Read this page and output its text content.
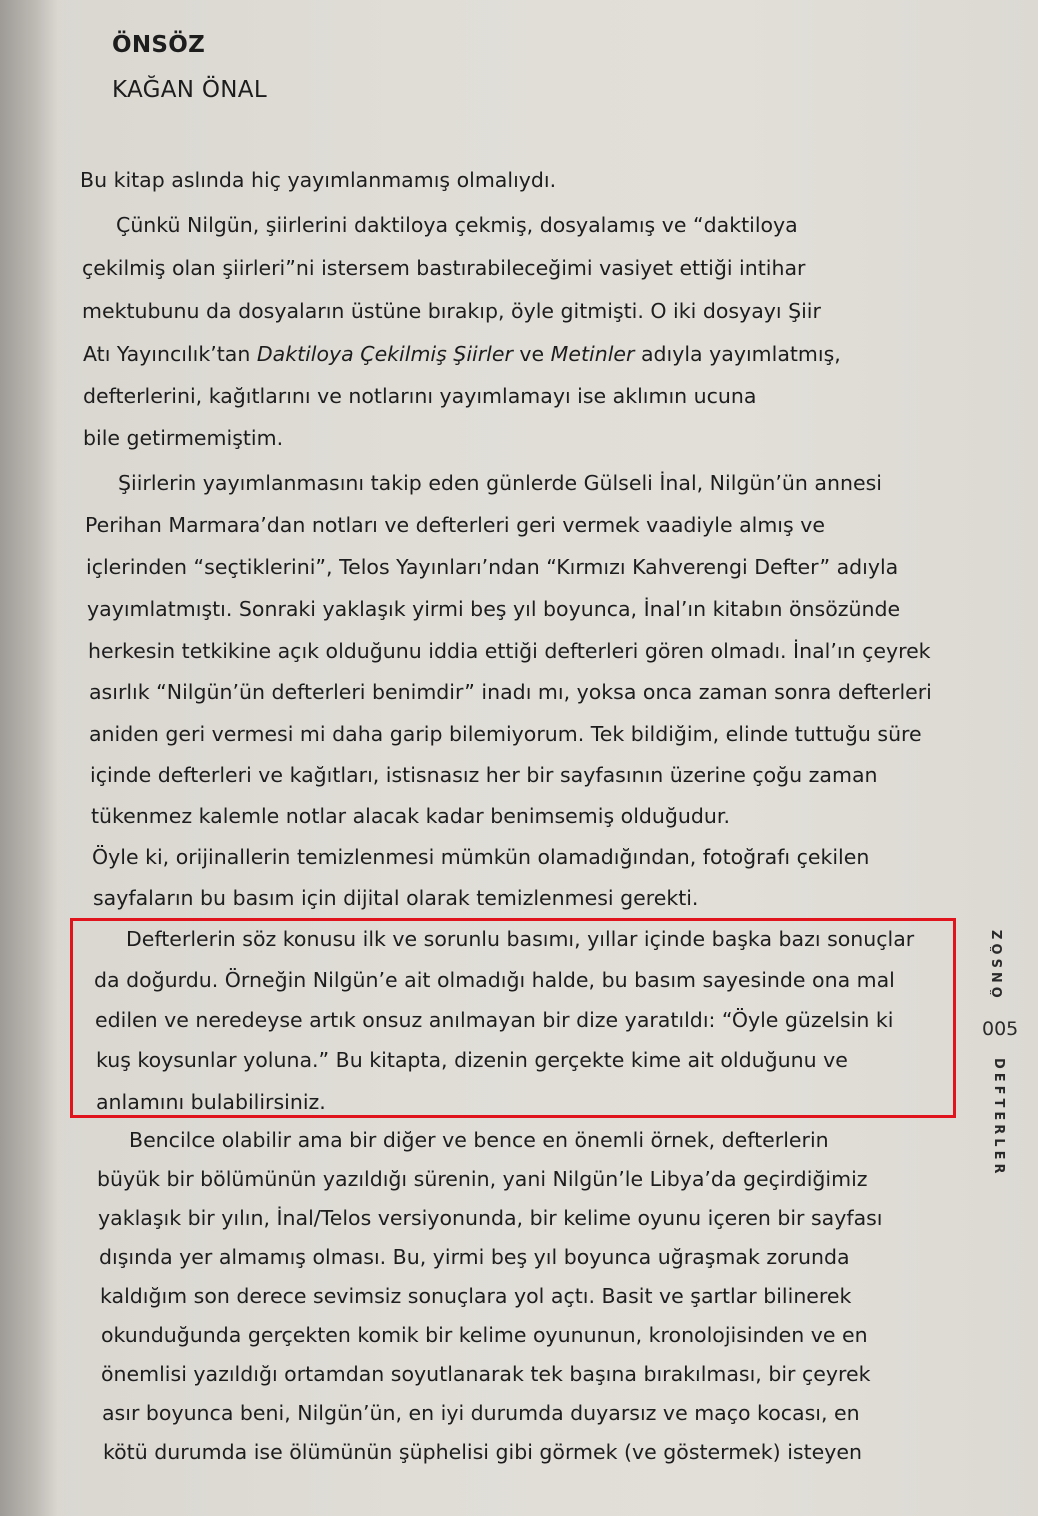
ÖNSÖZ
KAĞAN ÖNAL
Bu kitap aslında hiç yayımlanmamış olmalıydı.
Çünkü Nilgün, şiirlerini daktiloya çekmiş, dosyalamış ve “daktiloya
çekilmiş olan şiirleri”ni istersem bastırabileceğimi vasiyet ettiği intihar
mektubunu da dosyaların üstüne bırakıp, öyle gitmişti. O iki dosyayı Şiir
Atı Yayıncılık’tan Daktiloya Çekilmiş Şiirler ve Metinler adıyla yayımlatmış,
defterlerini, kağıtlarını ve notlarını yayımlamayı ise aklımın ucuna
bile getirmemiştim.
Şiirlerin yayımlanmasını takip eden günlerde Gülseli İnal, Nilgün’ün annesi
Perihan Marmara’dan notları ve defterleri geri vermek vaadiyle almış ve
içlerinden “seçtiklerini”, Telos Yayınları’ndan “Kırmızı Kahverengi Defter” adıyla
yayımlatmıştı. Sonraki yaklaşık yirmi beş yıl boyunca, İnal’ın kitabın önsözünde
herkesin tetkikine açık olduğunu iddia ettiği defterleri gören olmadı. İnal’ın çeyrek
asırlık “Nilgün’ün defterleri benimdir” inadı mı, yoksa onca zaman sonra defterleri
aniden geri vermesi mi daha garip bilemiyorum. Tek bildiğim, elinde tuttuğu süre
içinde defterleri ve kağıtları, istisnasız her bir sayfasının üzerine çoğu zaman
tükenmez kalemle notlar alacak kadar benimsemiş olduğudur.
Öyle ki, orijinallerin temizlenmesi mümkün olamadığından, fotoğrafı çekilen
sayfaların bu basım için dijital olarak temizlenmesi gerekti.
Defterlerin söz konusu ilk ve sorunlu basımı, yıllar içinde başka bazı sonuçlar
da doğurdu. Örneğin Nilgün’e ait olmadığı halde, bu basım sayesinde ona mal
edilen ve neredeyse artık onsuz anılmayan bir dize yaratıldı: “Öyle güzelsin ki
kuş koysunlar yoluna.” Bu kitapta, dizenin gerçekte kime ait olduğunu ve
anlamını bulabilirsiniz.
Bencilce olabilir ama bir diğer ve bence en önemli örnek, defterlerin
büyük bir bölümünün yazıldığı sürenin, yani Nilgün’le Libya’da geçirdiğimiz
yaklaşık bir yılın, İnal/Telos versiyonunda, bir kelime oyunu içeren bir sayfası
dışında yer almamış olması. Bu, yirmi beş yıl boyunca uğraşmak zorunda
kaldığım son derece sevimsiz sonuçlara yol açtı. Basit ve şartlar bilinerek
okunduğunda gerçekten komik bir kelime oyununun, kronolojisinden ve en
önemlisi yazıldığı ortamdan soyutlanarak tek başına bırakılması, bir çeyrek
asır boyunca beni, Nilgün’ün, en iyi durumda duyarsız ve maço kocası, en
kötü durumda ise ölümünün şüphelisi gibi görmek (ve göstermek) isteyen
ÖNSÖZ
005
DEFTERLER
